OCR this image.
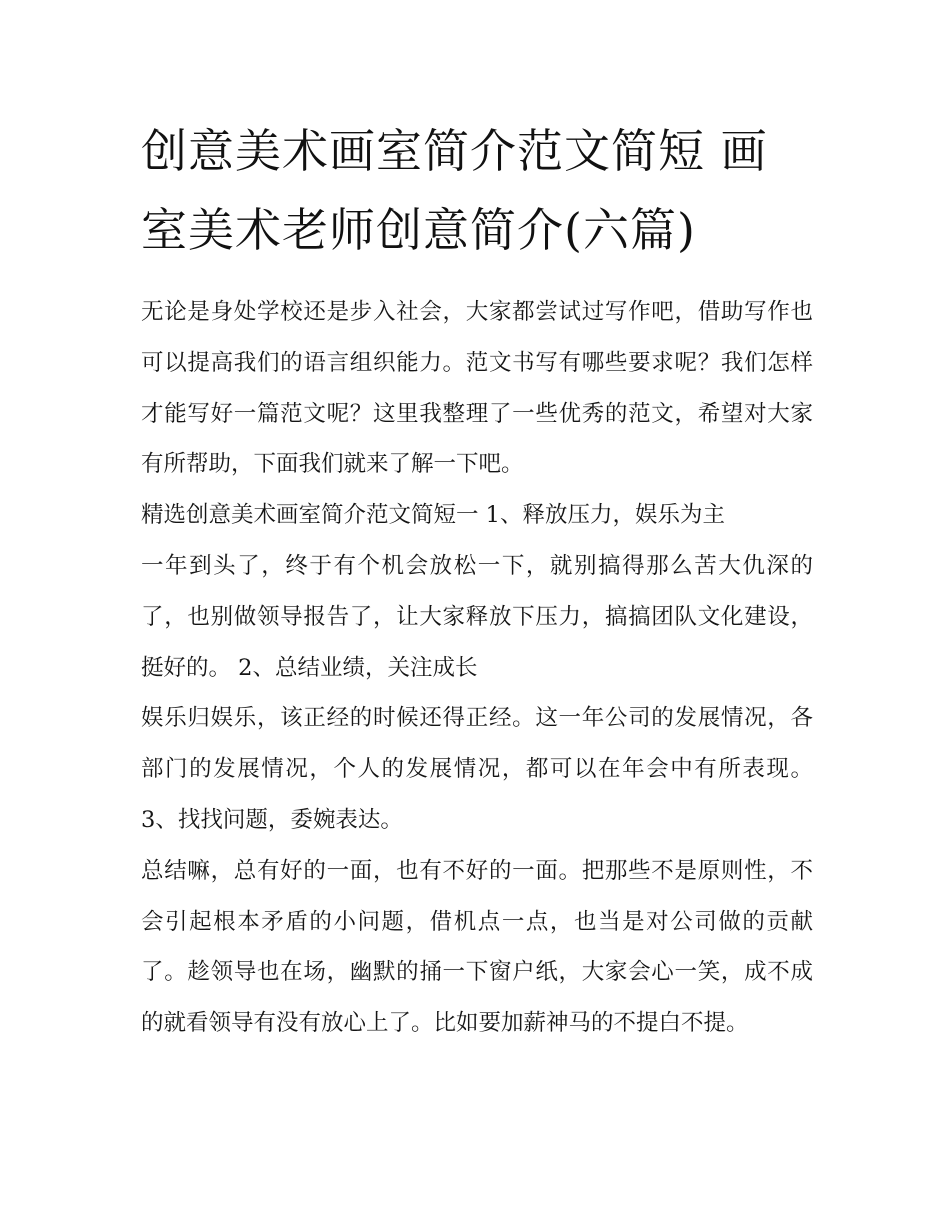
创意美术画室简介范文简短 画室美术老师创意简介(六篇)

无论是身处学校还是步入社会，大家都尝试过写作吧，借助写作也可以提高我们的语言组织能力。范文书写有哪些要求呢？我们怎样才能写好一篇范文呢？这里我整理了一些优秀的范文，希望对大家有所帮助，下面我们就来了解一下吧。

精选创意美术画室简介范文简短一 1、释放压力，娱乐为主

一年到头了，终于有个机会放松一下，就别搞得那么苦大仇深的了，也别做领导报告了，让大家释放下压力，搞搞团队文化建设，挺好的。 2、总结业绩，关注成长

娱乐归娱乐，该正经的时候还得正经。这一年公司的发展情况，各部门的发展情况，个人的发展情况，都可以在年会中有所表现。 3、找找问题，委婉表达。

总结嘛，总有好的一面，也有不好的一面。把那些不是原则性，不会引起根本矛盾的小问题，借机点一点，也当是对公司做的贡献了。趁领导也在场，幽默的捅一下窗户纸，大家会心一笑，成不成的就看领导有没有放心上了。比如要加薪神马的不提白不提。
